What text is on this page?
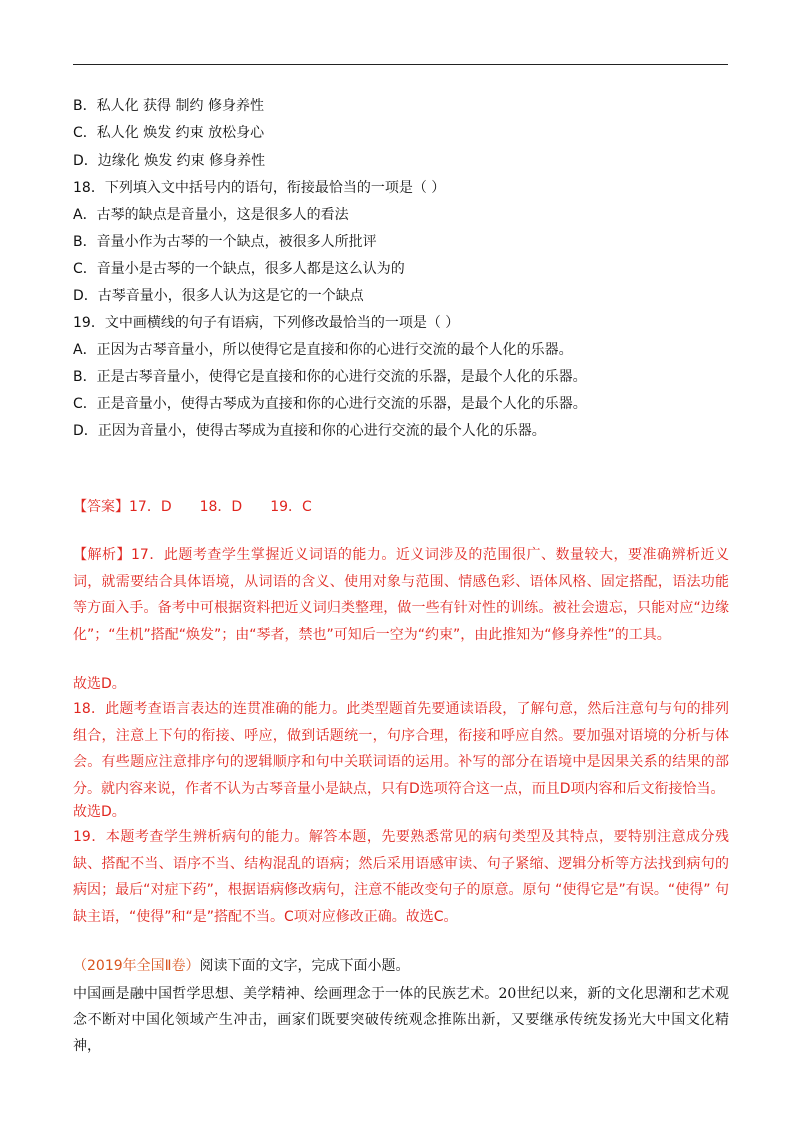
B．私人化 获得 制约 修身养性
C．私人化 焕发 约束 放松身心
D．边缘化 焕发 约束 修身养性
18．下列填入文中括号内的语句，衔接最恰当的一项是（ ）
A．古琴的缺点是音量小，这是很多人的看法
B．音量小作为古琴的一个缺点，被很多人所批评
C．音量小是古琴的一个缺点，很多人都是这么认为的
D．古琴音量小，很多人认为这是它的一个缺点
19．文中画横线的句子有语病，下列修改最恰当的一项是（ ）
A．正因为古琴音量小，所以使得它是直接和你的心进行交流的最个人化的乐器。
B．正是古琴音量小，使得它是直接和你的心进行交流的乐器，是最个人化的乐器。
C．正是音量小，使得古琴成为直接和你的心进行交流的乐器，是最个人化的乐器。
D．正因为音量小，使得古琴成为直接和你的心进行交流的最个人化的乐器。
【答案】17．D 18．D 19．C

【解析】17．此题考查学生掌握近义词语的能力。近义词涉及的范围很广、数量较大，要准确辨析近义词，就需要结合具体语境，从词语的含义、使用对象与范围、情感色彩、语体风格、固定搭配，语法功能等方面入手。备考中可根据资料把近义词归类整理，做一些有针对性的训练。被社会遗忘，只能对应“边缘化”；“生机”搭配“焕发”；由“琴者，禁也”可知后一空为“约束”，由此推知为“修身养性”的工具。

故选D。

18．此题考查语言表达的连贯准确的能力。此类型题首先要通读语段，了解句意，然后注意句与句的排列组合，注意上下句的衔接、呼应，做到话题统一，句序合理，衔接和呼应自然。要加强对语境的分析与体会。有些题应注意排序句的逻辑顺序和句中关联词语的运用。补写的部分在语境中是因果关系的结果的部分。就内容来说，作者不认为古琴音量小是缺点，只有D选项符合这一点，而且D项内容和后文衔接恰当。

故选D。

19．本题考查学生辨析病句的能力。解答本题，先要熟悉常见的病句类型及其特点，要特别注意成分残缺、搭配不当、语序不当、结构混乱的语病；然后采用语感审读、句子紧缩、逻辑分析等方法找到病句的病因；最后“对症下药”，根据语病修改病句，注意不能改变句子的原意。原句 “使得它是”有误。“使得” 句缺主语，“使得”和“是”搭配不当。C项对应修改正确。故选C。

（2019年全国Ⅱ卷）阅读下面的文字，完成下面小题。

中国画是融中国哲学思想、美学精神、绘画理念于一体的民族艺术。20世纪以来，新的文化思潮和艺术观念不断对中国化领域产生冲击，画家们既要突破传统观念推陈出新，又要继承传统发扬光大中国文化精神，
